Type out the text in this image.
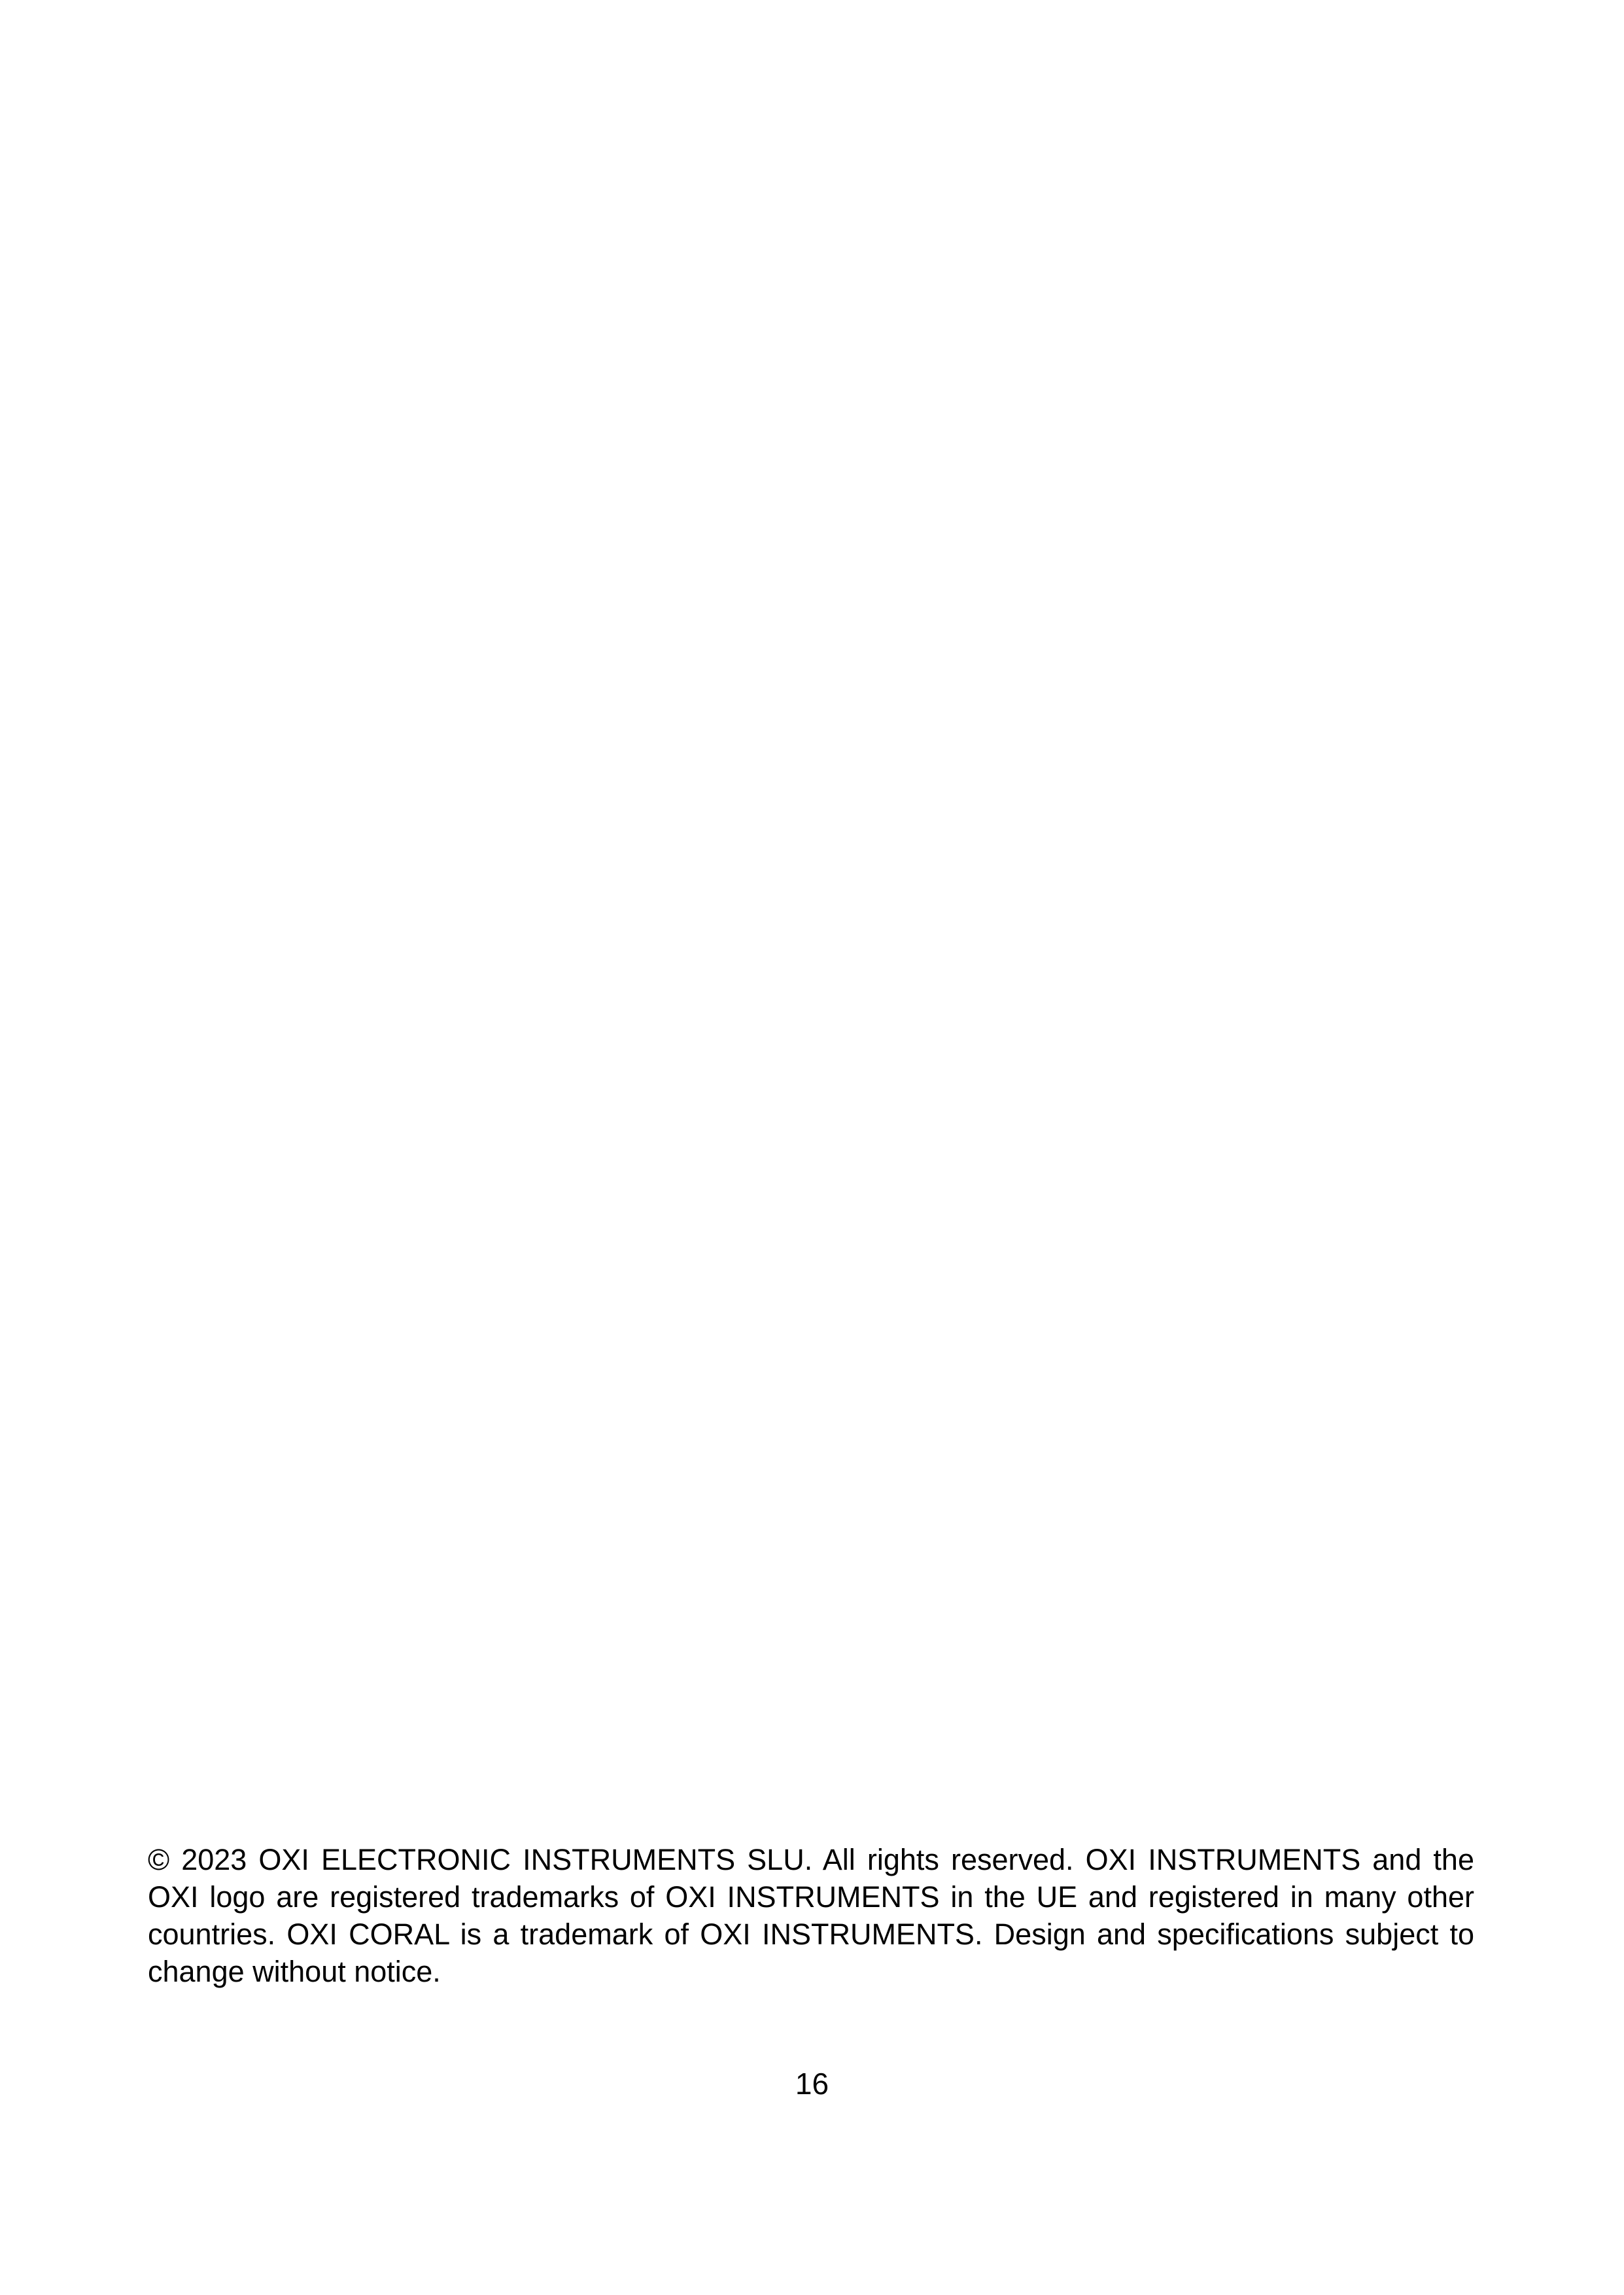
© 2023 OXI ELECTRONIC INSTRUMENTS SLU. All rights reserved. OXI INSTRUMENTS and the OXI logo are registered trademarks of OXI INSTRUMENTS in the UE and registered in many other countries. OXI CORAL is a trademark of OXI INSTRUMENTS. Design and specifications subject to change without notice.

16
